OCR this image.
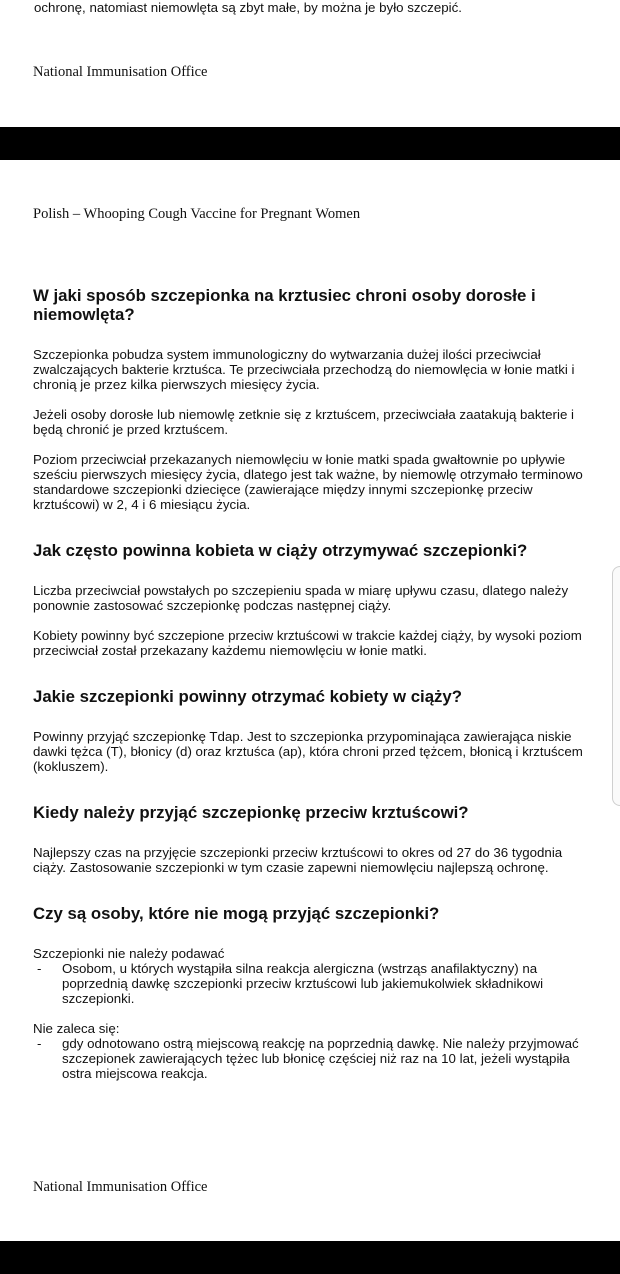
ochronę, natomiast niemowlęta są zbyt małe, by można je było szczepić.

National Immunisation Office

Polish – Whooping Cough Vaccine for Pregnant Women

W jaki sposób szczepionka na krztusiec chroni osoby dorosłe i niemowlęta?

Szczepionka pobudza system immunologiczny do wytwarzania dużej ilości przeciwciał zwalczających bakterie krztuśca. Te przeciwciała przechodzą do niemowlęcia w łonie matki i chronią je przez kilka pierwszych miesięcy życia.

Jeżeli osoby dorosłe lub niemowlę zetknie się z krztuścem, przeciwciała zaatakują bakterie i będą chronić je przed krztuścem.

Poziom przeciwciał przekazanych niemowlęciu w łonie matki spada gwałtownie po upływie sześciu pierwszych miesięcy życia, dlatego jest tak ważne, by niemowlę otrzymało terminowo standardowe szczepionki dziecięce (zawierające między innymi szczepionkę przeciw krztuścowi) w 2, 4 i 6 miesiącu życia.

Jak często powinna kobieta w ciąży otrzymywać szczepionki?

Liczba przeciwciał powstałych po szczepieniu spada w miarę upływu czasu, dlatego należy ponownie zastosować szczepionkę podczas następnej ciąży.

Kobiety powinny być szczepione przeciw krztuścowi w trakcie każdej ciąży, by wysoki poziom przeciwciał został przekazany każdemu niemowlęciu w łonie matki.

Jakie szczepionki powinny otrzymać kobiety w ciąży?

Powinny przyjąć szczepionkę Tdap. Jest to szczepionka przypominająca zawierająca niskie dawki tężca (T), błonicy (d) oraz krztuśca (ap), która chroni przed tężcem, błonicą i krztuścem (kokluszem).

Kiedy należy przyjąć szczepionkę przeciw krztuścowi?

Najlepszy czas na przyjęcie szczepionki przeciw krztuścowi to okres od 27 do 36 tygodnia ciąży. Zastosowanie szczepionki w tym czasie zapewni niemowlęciu najlepszą ochronę.

Czy są osoby, które nie mogą przyjąć szczepionki?

Szczepionki nie należy podawać

- Osobom, u których wystąpiła silna reakcja alergiczna (wstrząs anafilaktyczny) na poprzednią dawkę szczepionki przeciw krztuścowi lub jakiemukolwiek składnikowi szczepionki.

Nie zaleca się:

- gdy odnotowano ostrą miejscową reakcję na poprzednią dawkę. Nie należy przyjmować szczepionek zawierających tężec lub błonicę częściej niż raz na 10 lat, jeżeli wystąpiła ostra miejscowa reakcja.

National Immunisation Office
